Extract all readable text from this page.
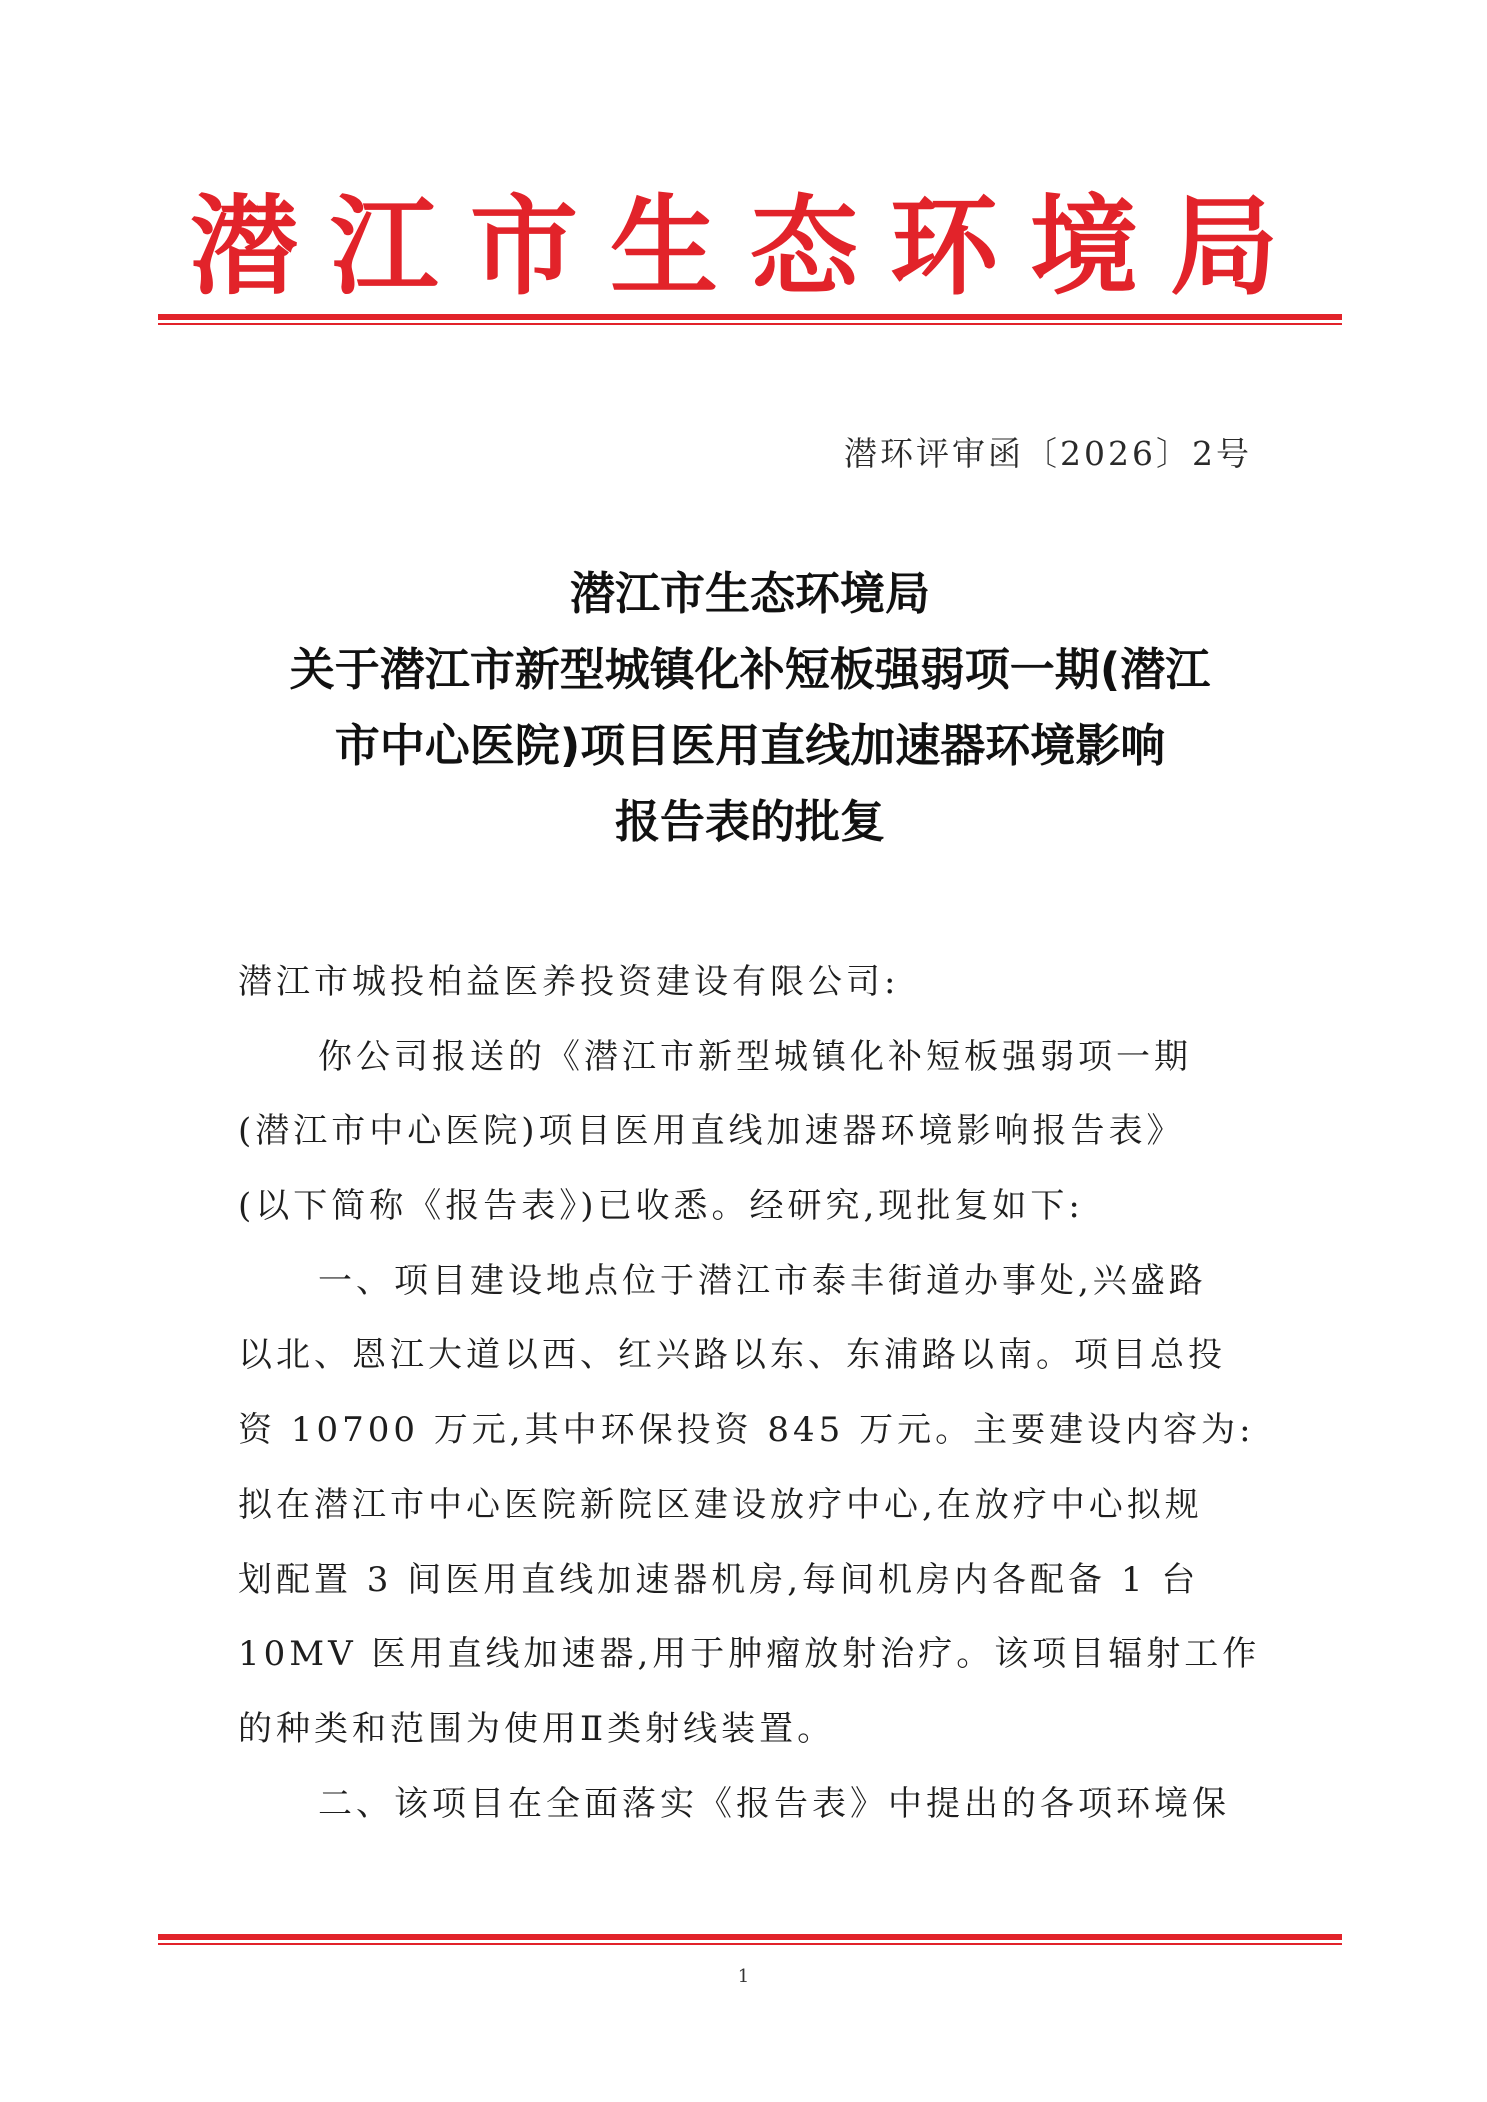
潜江市生态环境局
潜环评审函〔2026〕2号
潜江市生态环境局
关于潜江市新型城镇化补短板强弱项一期(潜江
市中心医院)项目医用直线加速器环境影响
报告表的批复
潜江市城投柏益医养投资建设有限公司:
你公司报送的《潜江市新型城镇化补短板强弱项一期
(潜江市中心医院)项目医用直线加速器环境影响报告表》
(以下简称《报告表》)已收悉。经研究,现批复如下:
一、项目建设地点位于潜江市泰丰街道办事处,兴盛路
以北、恩江大道以西、红兴路以东、东浦路以南。项目总投
资 10700 万元,其中环保投资 845 万元。主要建设内容为:
拟在潜江市中心医院新院区建设放疗中心,在放疗中心拟规
划配置 3 间医用直线加速器机房,每间机房内各配备 1 台
10MV 医用直线加速器,用于肿瘤放射治疗。该项目辐射工作
的种类和范围为使用Ⅱ类射线装置。
二、该项目在全面落实《报告表》中提出的各项环境保
1
